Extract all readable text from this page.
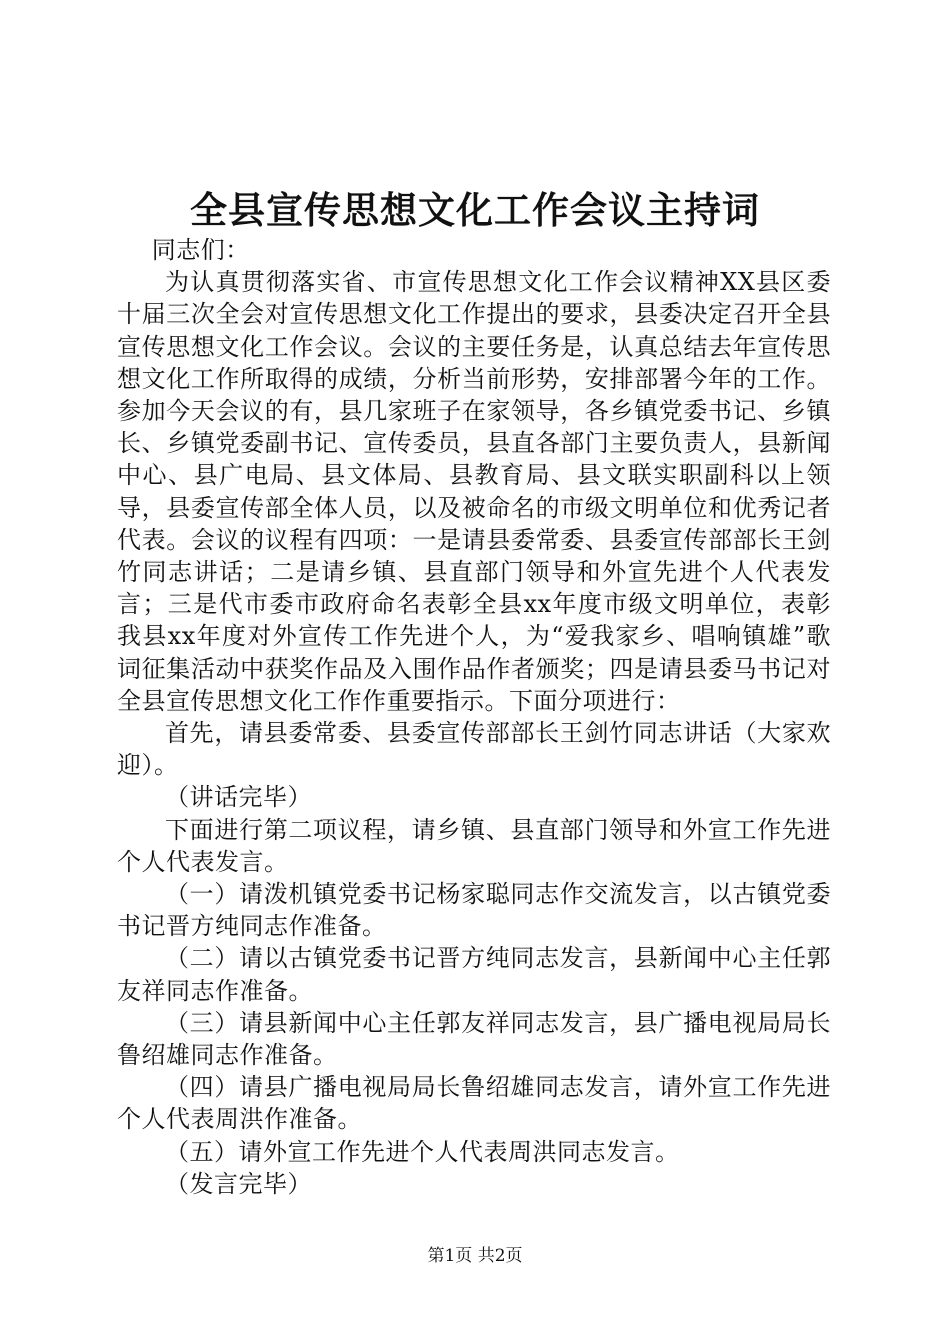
全县宣传思想文化工作会议主持词

同志们：

为认真贯彻落实省、市宣传思想文化工作会议精神XX县区委十届三次全会对宣传思想文化工作提出的要求，县委决定召开全县宣传思想文化工作会议。会议的主要任务是，认真总结去年宣传思想文化工作所取得的成绩，分析当前形势，安排部署今年的工作。参加今天会议的有，县几家班子在家领导，各乡镇党委书记、乡镇长、乡镇党委副书记、宣传委员，县直各部门主要负责人，县新闻中心、县广电局、县文体局、县教育局、县文联实职副科以上领导，县委宣传部全体人员，以及被命名的市级文明单位和优秀记者代表。会议的议程有四项：一是请县委常委、县委宣传部部长王剑竹同志讲话；二是请乡镇、县直部门领导和外宣先进个人代表发言；三是代市委市政府命名表彰全县xx年度市级文明单位，表彰我县xx年度对外宣传工作先进个人，为“爱我家乡、唱响镇雄”歌词征集活动中获奖作品及入围作品作者颁奖；四是请县委马书记对全县宣传思想文化工作作重要指示。下面分项进行：

首先，请县委常委、县委宣传部部长王剑竹同志讲话（大家欢迎）。

（讲话完毕）

下面进行第二项议程，请乡镇、县直部门领导和外宣工作先进个人代表发言。

（一）请泼机镇党委书记杨家聪同志作交流发言，以古镇党委书记晋方纯同志作准备。

（二）请以古镇党委书记晋方纯同志发言，县新闻中心主任郭友祥同志作准备。

（三）请县新闻中心主任郭友祥同志发言，县广播电视局局长鲁绍雄同志作准备。

（四）请县广播电视局局长鲁绍雄同志发言，请外宣工作先进个人代表周洪作准备。

（五）请外宣工作先进个人代表周洪同志发言。

（发言完毕）

第1页 共2页
